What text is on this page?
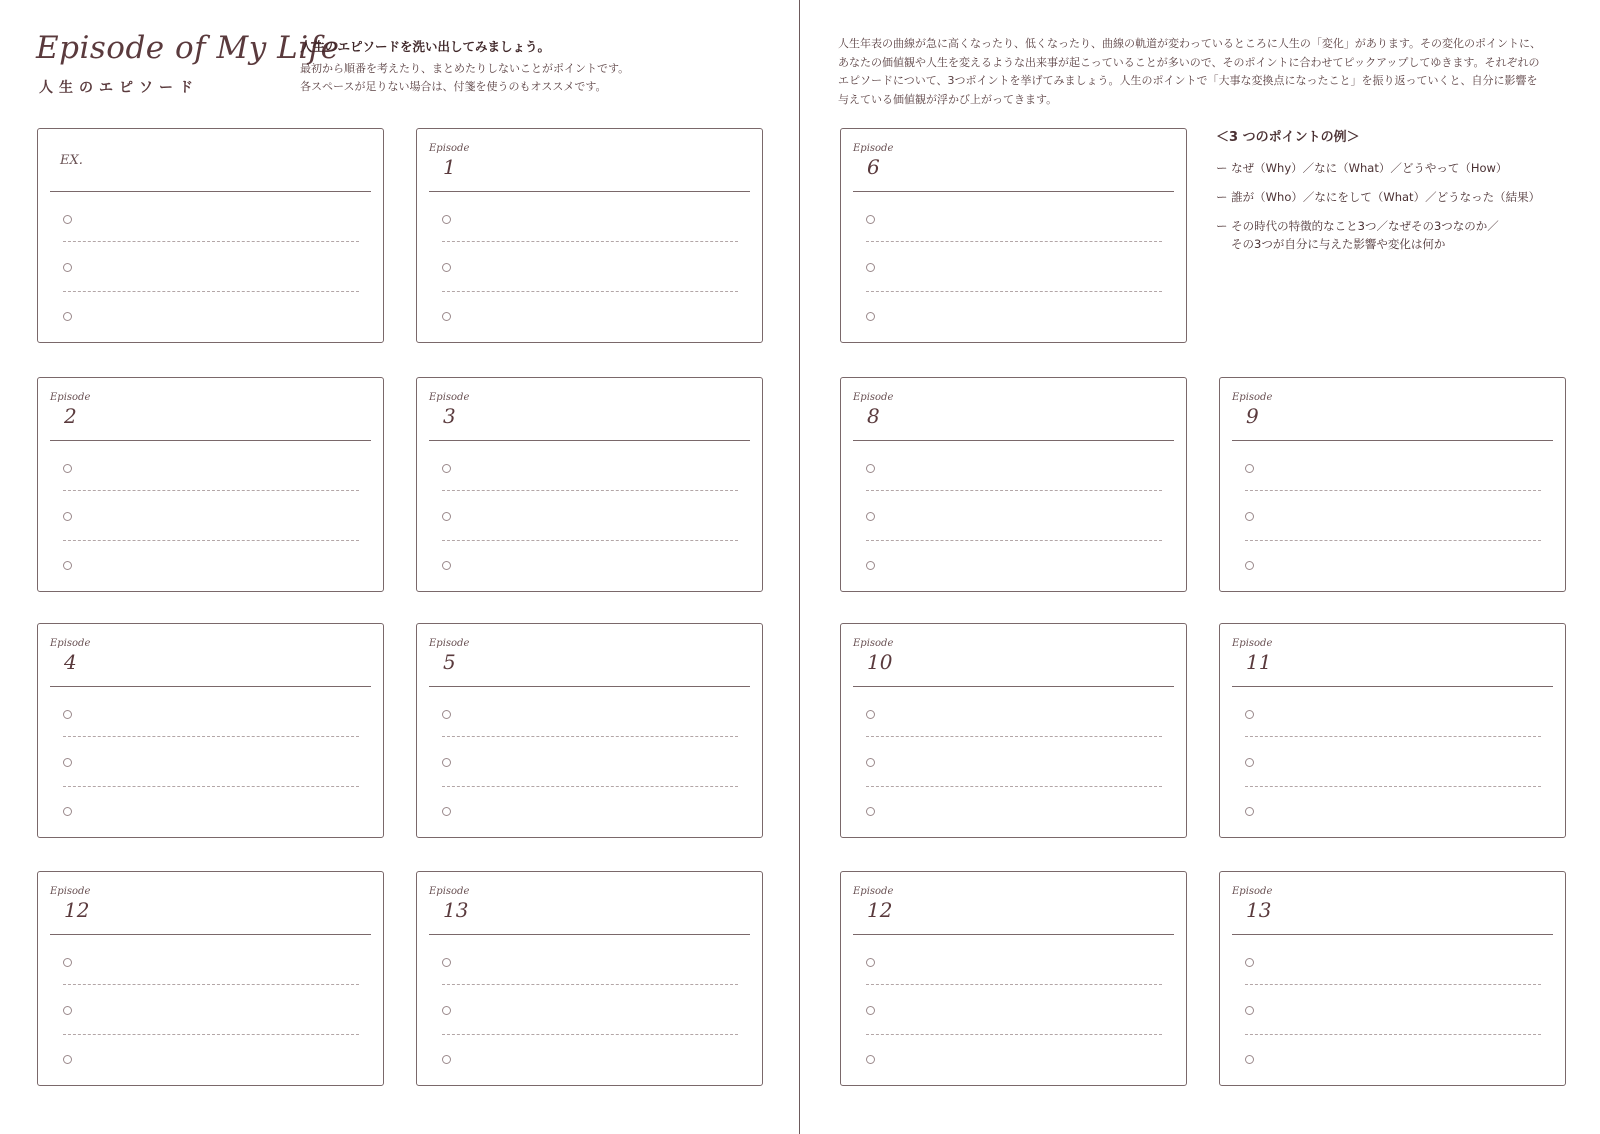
Episode of My Life
人生のエピソード
人生のエピソードを洗い出してみましょう。
最初から順番を考えたり、まとめたりしないことがポイントです。
各スペースが足りない場合は、付箋を使うのもオススメです。
人生年表の曲線が急に高くなったり、低くなったり、曲線の軌道が変わっているところに人生の「変化」があります。その変化のポイントに、
あなたの価値観や人生を変えるような出来事が起こっていることが多いので、そのポイントに合わせてピックアップしてゆきます。それぞれの
エピソードについて、3つポイントを挙げてみましょう。人生のポイントで「大事な変換点になったこと」を振り返っていくと、自分に影響を
与えている価値観が浮かび上がってきます。
＜3 つのポイントの例＞
ー なぜ（Why）／なに（What）／どうやって（How）
ー 誰が（Who）／なにをして（What）／どうなった（結果）
ー その時代の特徴的なこと3つ／なぜその3つなのか／
その3つが自分に与えた影響や変化は何か
EX.
Episode
1
Episode
2
Episode
3
Episode
4
Episode
5
Episode
12
Episode
13
Episode
6
Episode
8
Episode
9
Episode
10
Episode
11
Episode
12
Episode
13
